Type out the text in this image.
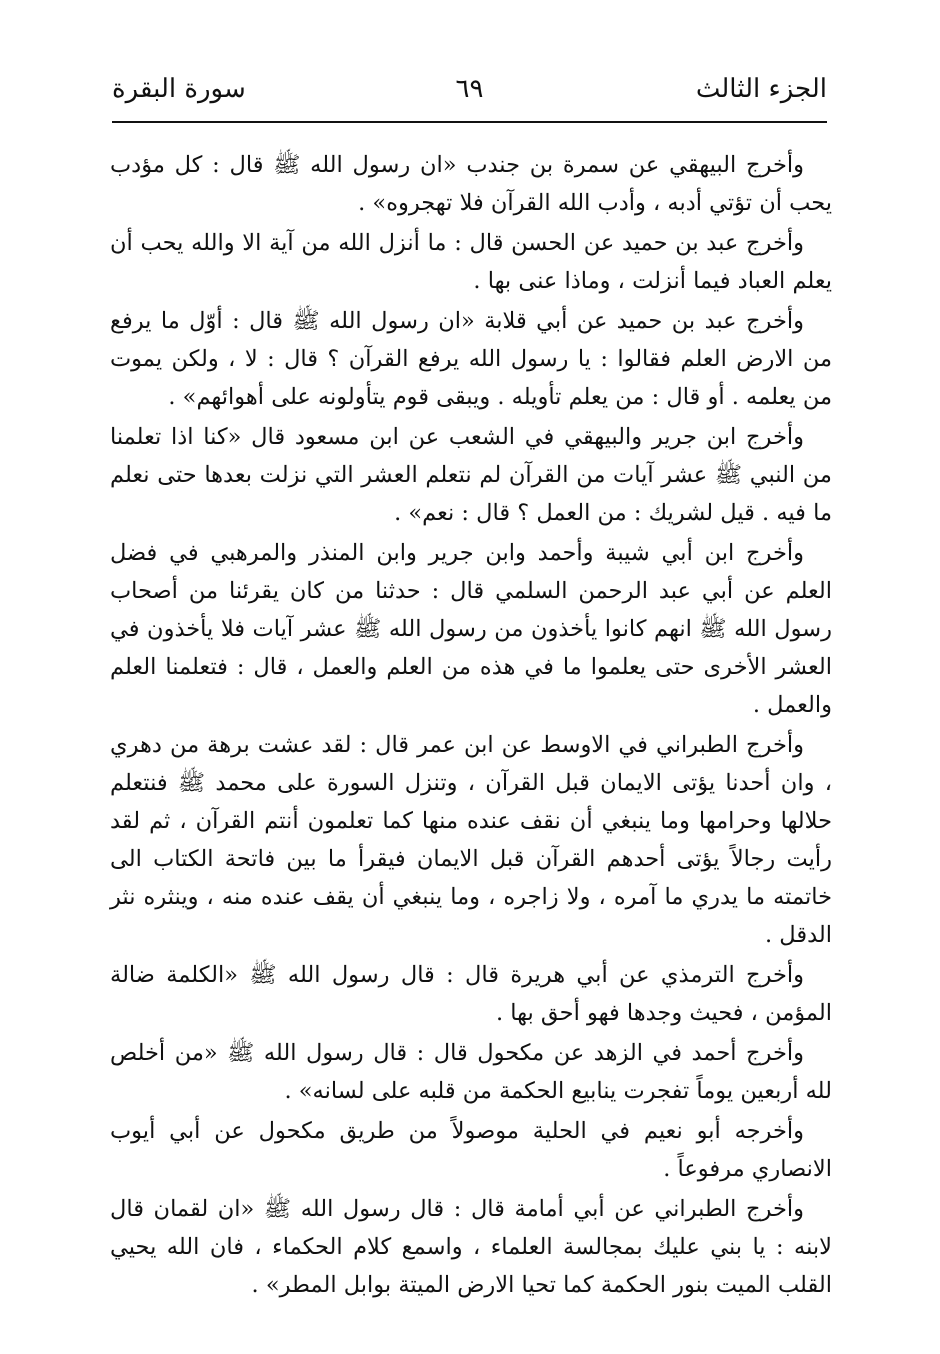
الجزء الثالث
٦٩
سورة البقرة

وأخرج البيهقي عن سمرة بن جندب «ان رسول الله ﷺ قال : كل مؤدب يحب أن تؤتي أدبه ، وأدب الله القرآن فلا تهجروه» .

وأخرج عبد بن حميد عن الحسن قال : ما أنزل الله من آية الا والله يحب أن يعلم العباد فيما أنزلت ، وماذا عنى بها .

وأخرج عبد بن حميد عن أبي قلابة «ان رسول الله ﷺ قال : أوّل ما يرفع من الارض العلم فقالوا : يا رسول الله يرفع القرآن ؟ قال : لا ، ولكن يموت من يعلمه . أو قال : من يعلم تأويله . ويبقى قوم يتأولونه على أهوائهم» .

وأخرج ابن جرير والبيهقي في الشعب عن ابن مسعود قال «كنا اذا تعلمنا من النبي ﷺ عشر آيات من القرآن لم نتعلم العشر التي نزلت بعدها حتى نعلم ما فيه . قيل لشريك : من العمل ؟ قال : نعم» .

وأخرج ابن أبي شيبة وأحمد وابن جرير وابن المنذر والمرهبي في فضل العلم عن أبي عبد الرحمن السلمي قال : حدثنا من كان يقرئنا من أصحاب رسول الله ﷺ انهم كانوا يأخذون من رسول الله ﷺ عشر آيات فلا يأخذون في العشر الأخرى حتى يعلموا ما في هذه من العلم والعمل ، قال : فتعلمنا العلم والعمل .

وأخرج الطبراني في الاوسط عن ابن عمر قال : لقد عشت برهة من دهري ، وان أحدنا يؤتى الايمان قبل القرآن ، وتنزل السورة على محمد ﷺ فنتعلم حلالها وحرامها وما ينبغي أن نقف عنده منها كما تعلمون أنتم القرآن ، ثم لقد رأيت رجالاً يؤتى أحدهم القرآن قبل الايمان فيقرأ ما بين فاتحة الكتاب الى خاتمته ما يدري ما آمره ، ولا زاجره ، وما ينبغي أن يقف عنده منه ، وينثره نثر الدقل .

وأخرج الترمذي عن أبي هريرة قال : قال رسول الله ﷺ «الكلمة ضالة المؤمن ، فحيث وجدها فهو أحق بها .

وأخرج أحمد في الزهد عن مكحول قال : قال رسول الله ﷺ «من أخلص لله أربعين يوماً تفجرت ينابيع الحكمة من قلبه على لسانه» .

وأخرجه أبو نعيم في الحلية موصولاً من طريق مكحول عن أبي أيوب الانصاري مرفوعاً .

وأخرج الطبراني عن أبي أمامة قال : قال رسول الله ﷺ «ان لقمان قال لابنه : يا بني عليك بمجالسة العلماء ، واسمع كلام الحكماء ، فان الله يحيي القلب الميت بنور الحكمة كما تحيا الارض الميتة بوابل المطر» .
